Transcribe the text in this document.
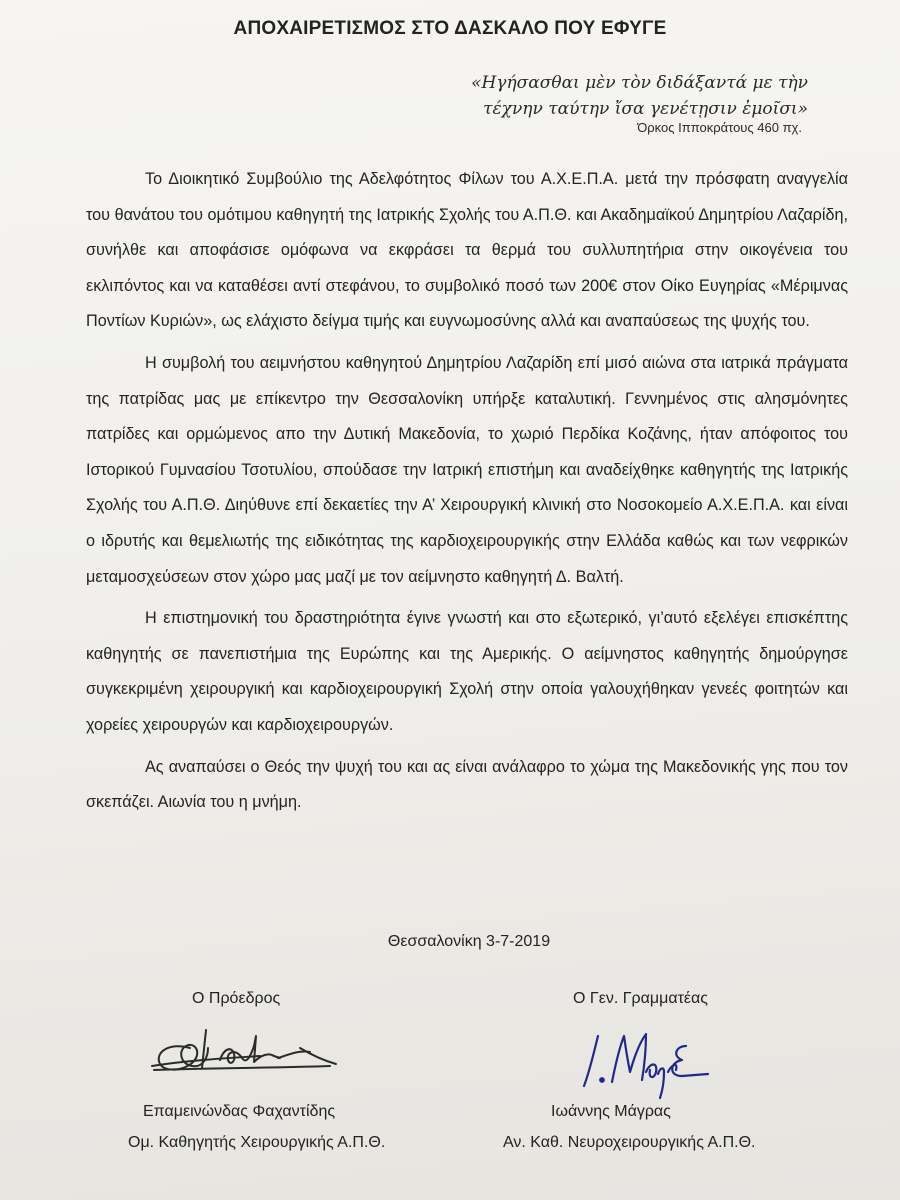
ΑΠΟΧΑΙΡΕΤΙΣΜΟΣ ΣΤΟ ΔΑΣΚΑΛΟ ΠΟΥ ΕΦΥΓΕ
«Ηγήσασθαι μὲν τὸν διδάξαντά με τὴν
τέχνην ταύτην ἴσα γενέτῃσιν ἐμοῖσι»
Όρκος Ιπποκράτους 460 πχ.

Το Διοικητικό Συμβούλιο της Αδελφότητος Φίλων του Α.Χ.Ε.Π.Α. μετά την πρόσφατη αναγγελία του θανάτου του ομότιμου καθηγητή της Ιατρικής Σχολής του Α.Π.Θ. και Ακαδημαϊκού Δημητρίου Λαζαρίδη, συνήλθε και αποφάσισε ομόφωνα να εκφράσει τα θερμά του συλλυπητήρια στην οικογένεια του εκλιπόντος και να καταθέσει αντί στεφάνου, το συμβολικό ποσό των 200€ στον Οίκο Ευγηρίας «Μέριμνας Ποντίων Κυριών», ως ελάχιστο δείγμα τιμής και ευγνωμοσύνης αλλά και αναπαύσεως της ψυχής του.

Η συμβολή του αειμνήστου καθηγητού Δημητρίου Λαζαρίδη επί μισό αιώνα στα ιατρικά πράγματα της πατρίδας μας με επίκεντρο την Θεσσαλονίκη υπήρξε καταλυτική. Γεννημένος στις αλησμόνητες πατρίδες και ορμώμενος απο την Δυτική Μακεδονία, το χωριό Περδίκα Κοζάνης, ήταν απόφοιτος του Ιστορικού Γυμνασίου Τσοτυλίου, σπούδασε την Ιατρική επιστήμη και αναδείχθηκε καθηγητής της Ιατρικής Σχολής του Α.Π.Θ. Διηύθυνε επί δεκαετίες την Α’ Χειρουργική κλινική στο Νοσοκομείο Α.Χ.Ε.Π.Α. και είναι ο ιδρυτής και θεμελιωτής της ειδικότητας της καρδιοχειρουργικής στην Ελλάδα καθώς και των νεφρικών μεταμοσχεύσεων στον χώρο μας μαζί με τον αείμνηστο καθηγητή Δ. Βαλτή.

Η επιστημονική του δραστηριότητα έγινε γνωστή και στο εξωτερικό, γι’αυτό εξελέγει επισκέπτης καθηγητής σε πανεπιστήμια της Ευρώπης και της Αμερικής. Ο αείμνηστος καθηγητής δημούργησε συγκεκριμένη χειρουργική και καρδιοχειρουργική Σχολή στην οποία γαλουχήθηκαν γενεές φοιτητών και χορείες χειρουργών και καρδιοχειρουργών.

Ας αναπαύσει ο Θεός την ψυχή του και ας είναι ανάλαφρο το χώμα της Μακεδονικής γης που τον σκεπάζει. Αιωνία του η μνήμη.

Θεσσαλονίκη 3-7-2019
Ο Πρόεδρος
Επαμεινώνδας Φαχαντίδης
Ομ. Καθηγητής Χειρουργικής Α.Π.Θ.
Ο Γεν. Γραμματέας
Ιωάννης Μάγρας
Αν. Καθ. Νευροχειρουργικής Α.Π.Θ.
